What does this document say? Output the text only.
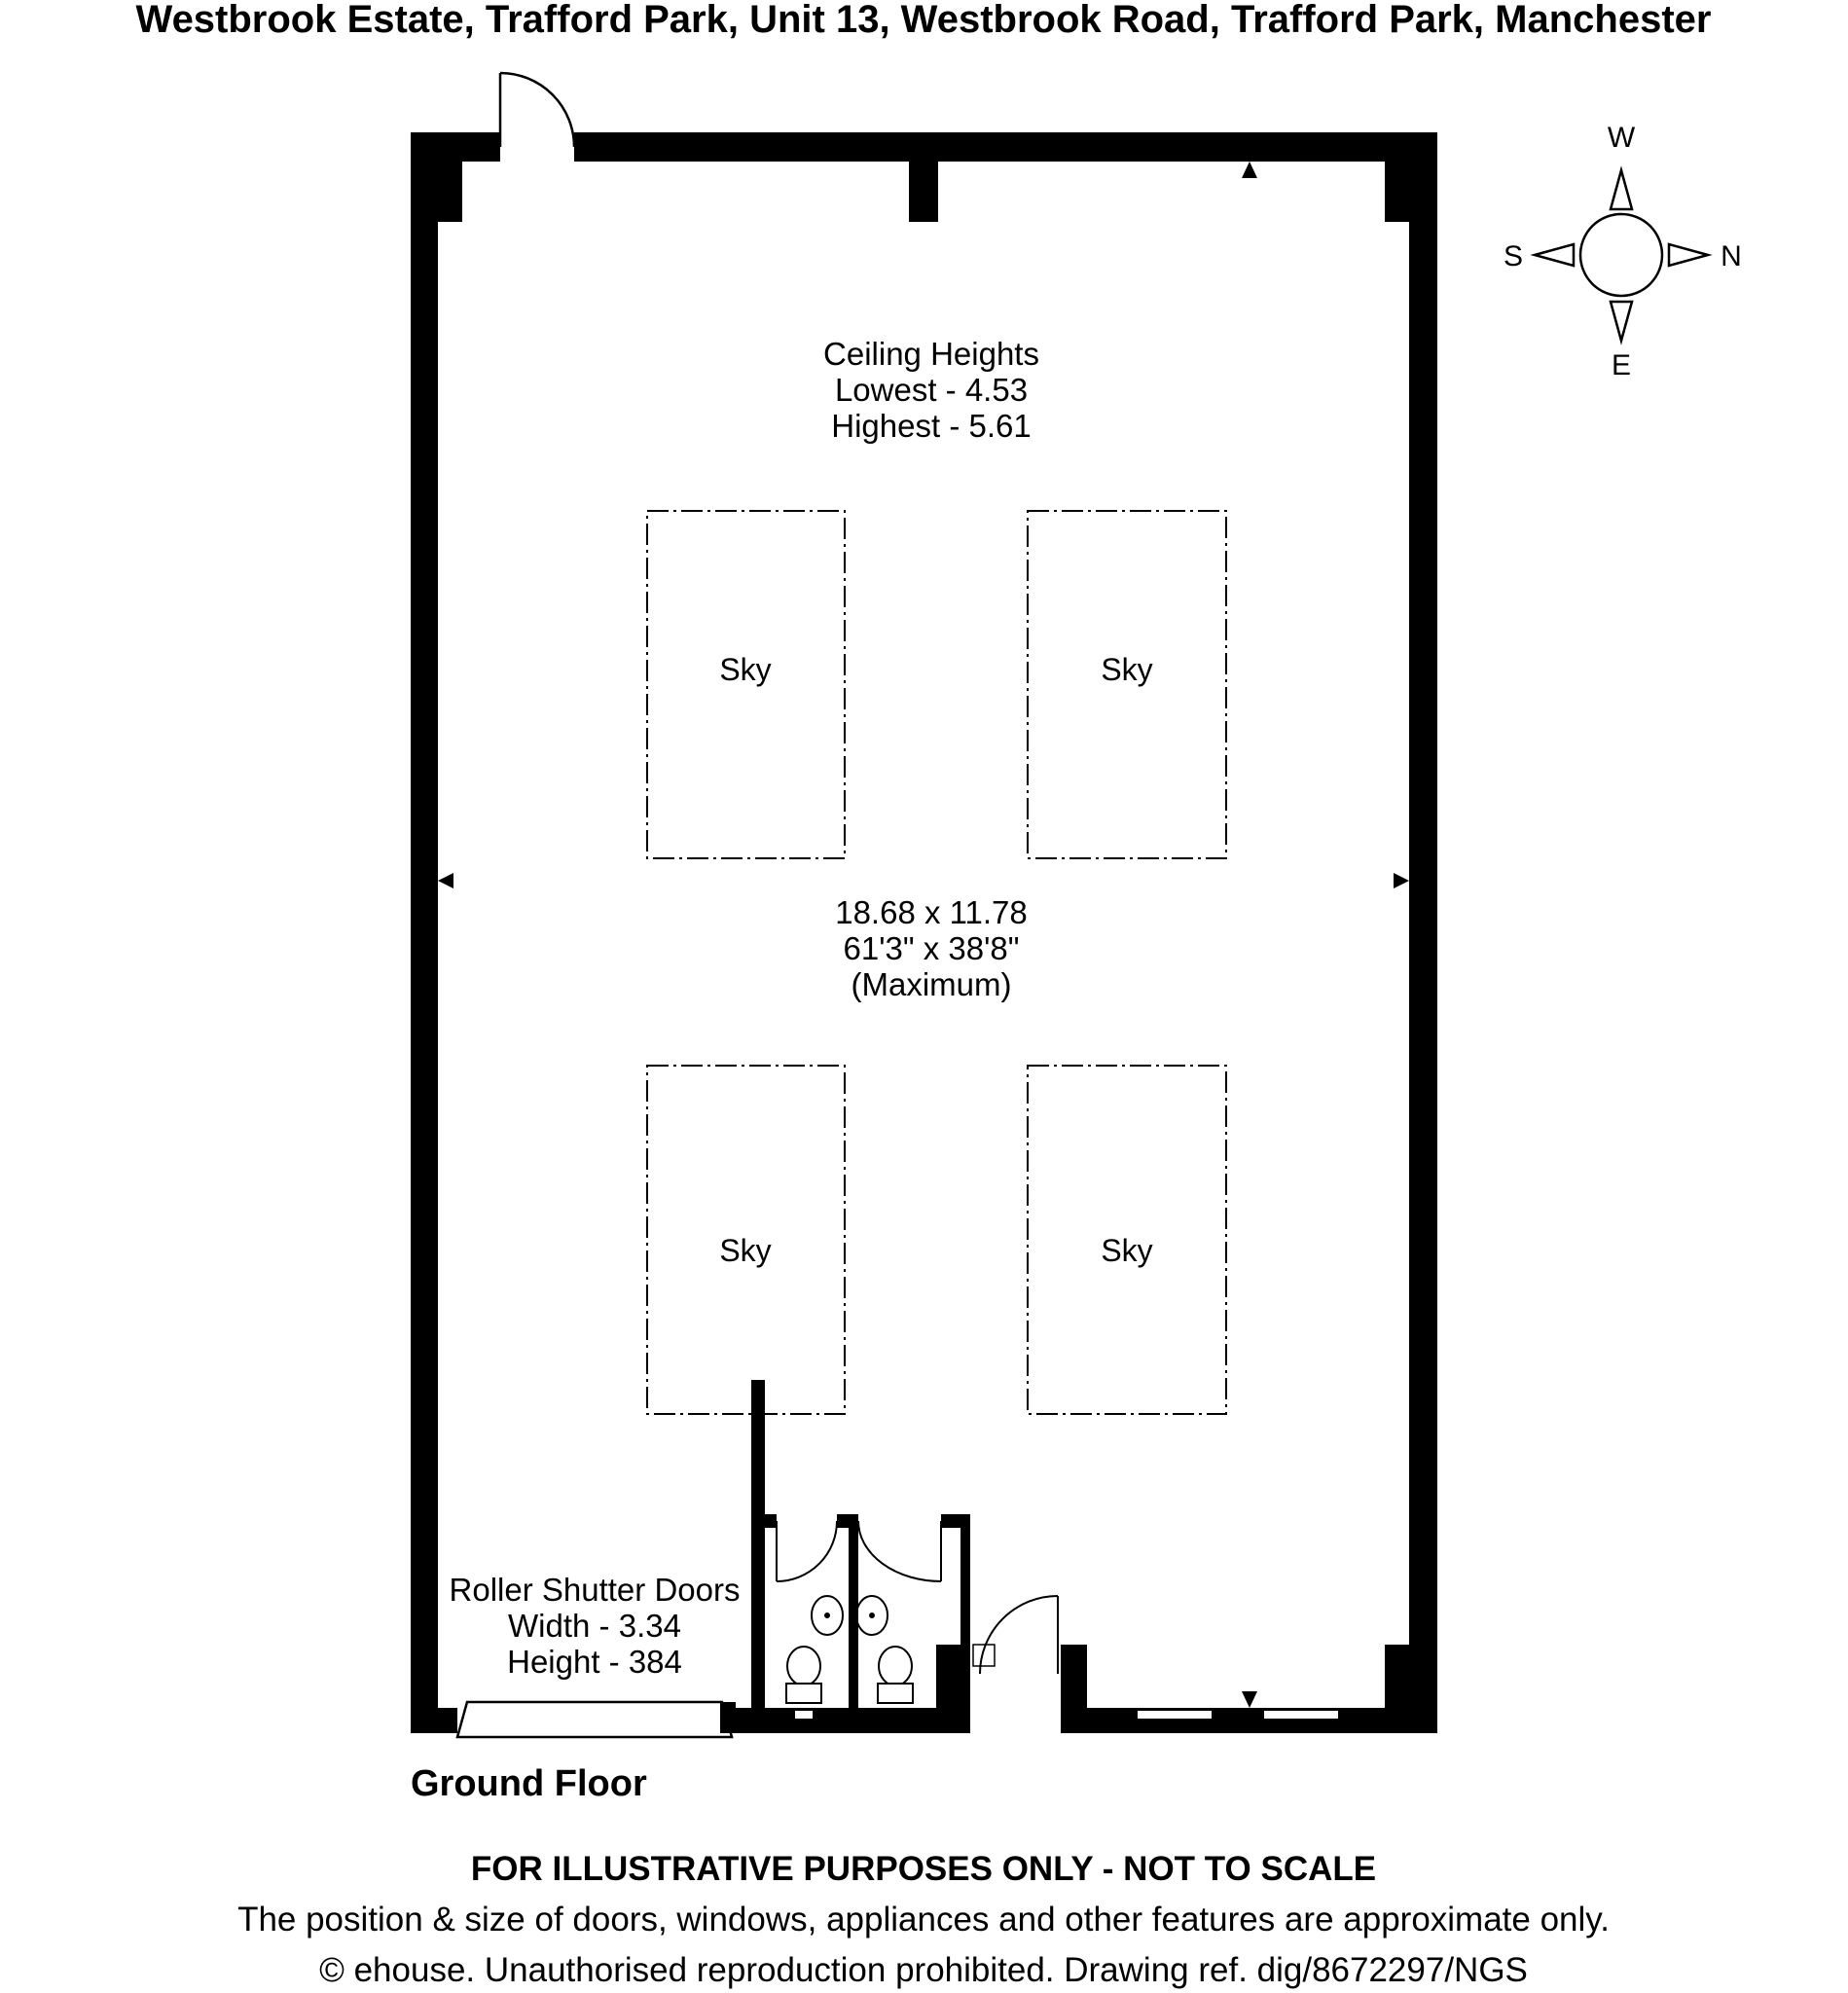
Westbrook Estate, Trafford Park, Unit 13, Westbrook Road, Trafford Park, Manchester
Sky	Sky
Sky	Sky
Ceiling Heights
Lowest - 4.53
Highest - 5.61
18.68 x 11.78
61'3" x 38'8"
(Maximum)
Roller Shutter Doors
Width - 3.34
Height - 384
W
E
S	N
Ground Floor
FOR ILLUSTRATIVE PURPOSES ONLY - NOT TO SCALE
The position & size of doors, windows, appliances and other features are approximate only.
© ehouse. Unauthorised reproduction prohibited. Drawing ref. dig/8672297/NGS
